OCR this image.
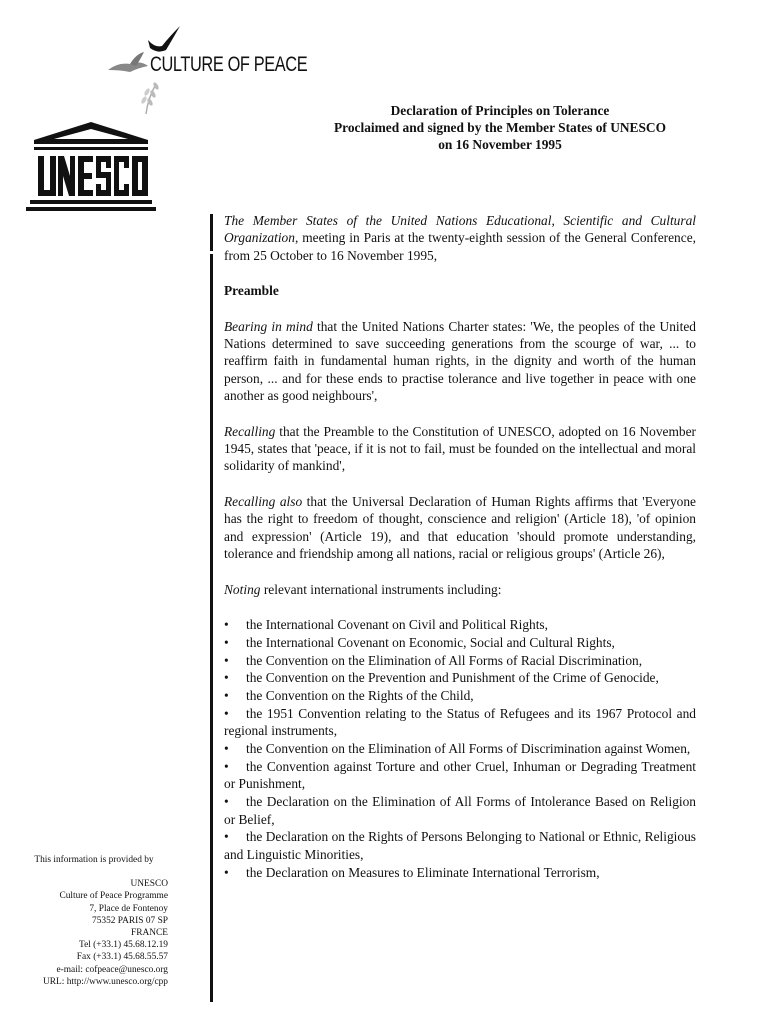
CULTURE OF PEACE
Declaration of Principles on Tolerance
Proclaimed and signed by the Member States of UNESCO
on 16 November 1995

The Member States of the United Nations Educational, Scientific and Cultural Organization, meeting in Paris at the twenty-eighth session of the General Conference, from 25 October to 16 November 1995,

Preamble

Bearing in mind that the United Nations Charter states: 'We, the peoples of the United Nations determined to save succeeding generations from the scourge of war, ... to reaffirm faith in fundamental human rights, in the dignity and worth of the human person, ... and for these ends to practise tolerance and live together in peace with one another as good neighbours',

Recalling that the Preamble to the Constitution of UNESCO, adopted on 16 November 1945, states that 'peace, if it is not to fail, must be founded on the intellectual and moral solidarity of mankind',

Recalling also that the Universal Declaration of Human Rights affirms that 'Everyone has the right to freedom of thought, conscience and religion' (Article 18), 'of opinion and expression' (Article 19), and that education 'should promote understanding, tolerance and friendship among all nations, racial or religious groups' (Article 26),

Noting relevant international instruments including:

• the International Covenant on Civil and Political Rights,
• the International Covenant on Economic, Social and Cultural Rights,
• the Convention on the Elimination of All Forms of Racial Discrimination,
• the Convention on the Prevention and Punishment of the Crime of Genocide,
• the Convention on the Rights of the Child,
• the 1951 Convention relating to the Status of Refugees and its 1967 Protocol and regional instruments,
• the Convention on the Elimination of All Forms of Discrimination against Women,
• the Convention against Torture and other Cruel, Inhuman or Degrading Treatment or Punishment,
• the Declaration on the Elimination of All Forms of Intolerance Based on Religion or Belief,
• the Declaration on the Rights of Persons Belonging to National or Ethnic, Religious and Linguistic Minorities,
• the Declaration on Measures to Eliminate International Terrorism,
This information is provided by
UNESCO
Culture of Peace Programme
7, Place de Fontenoy
75352 PARIS 07 SP
FRANCE
Tel (+33.1) 45.68.12.19
Fax (+33.1) 45.68.55.57
e-mail: cofpeace@unesco.org
URL: http://www.unesco.org/cpp
